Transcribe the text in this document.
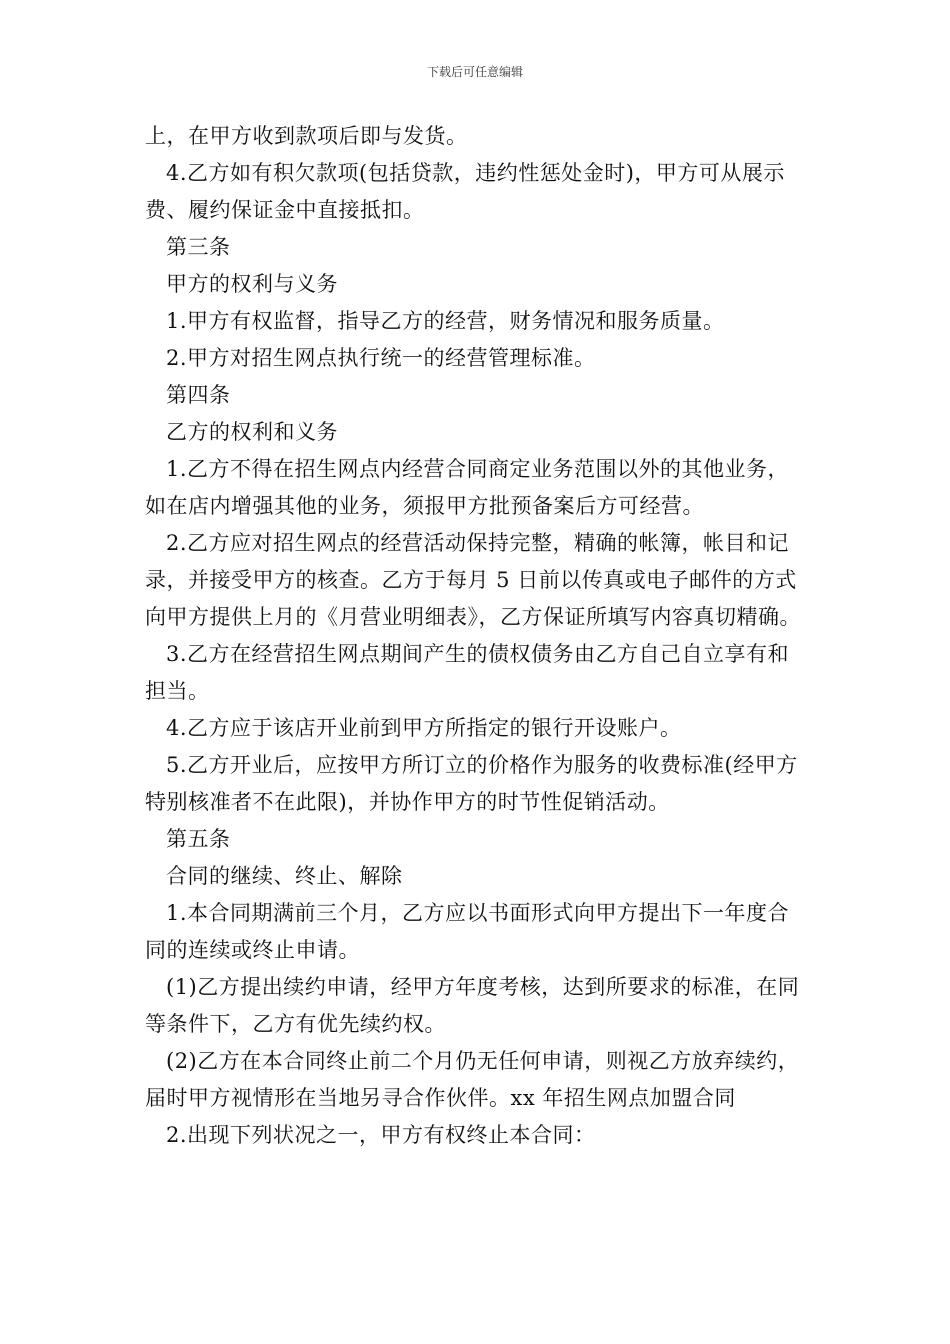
下载后可任意编辑

上，在甲方收到款项后即与发货。

4.乙方如有积欠款项(包括贷款，违约性惩处金时)，甲方可从展示费、履约保证金中直接抵扣。

第三条

甲方的权利与义务

1.甲方有权监督，指导乙方的经营，财务情况和服务质量。

2.甲方对招生网点执行统一的经营管理标准。

第四条

乙方的权利和义务

1.乙方不得在招生网点内经营合同商定业务范围以外的其他业务，如在店内增强其他的业务，须报甲方批预备案后方可经营。

2.乙方应对招生网点的经营活动保持完整，精确的帐簿，帐目和记录，并接受甲方的核查。乙方于每月 5 日前以传真或电子邮件的方式向甲方提供上月的《月营业明细表》，乙方保证所填写内容真切精确。

3.乙方在经营招生网点期间产生的债权债务由乙方自己自立享有和担当。

4.乙方应于该店开业前到甲方所指定的银行开设账户。

5.乙方开业后，应按甲方所订立的价格作为服务的收费标准(经甲方特别核准者不在此限)，并协作甲方的时节性促销活动。

第五条

合同的继续、终止、解除

1.本合同期满前三个月，乙方应以书面形式向甲方提出下一年度合同的连续或终止申请。

(1)乙方提出续约申请，经甲方年度考核，达到所要求的标准，在同等条件下，乙方有优先续约权。

(2)乙方在本合同终止前二个月仍无任何申请，则视乙方放弃续约，届时甲方视情形在当地另寻合作伙伴。xx 年招生网点加盟合同

2.出现下列状况之一，甲方有权终止本合同：
